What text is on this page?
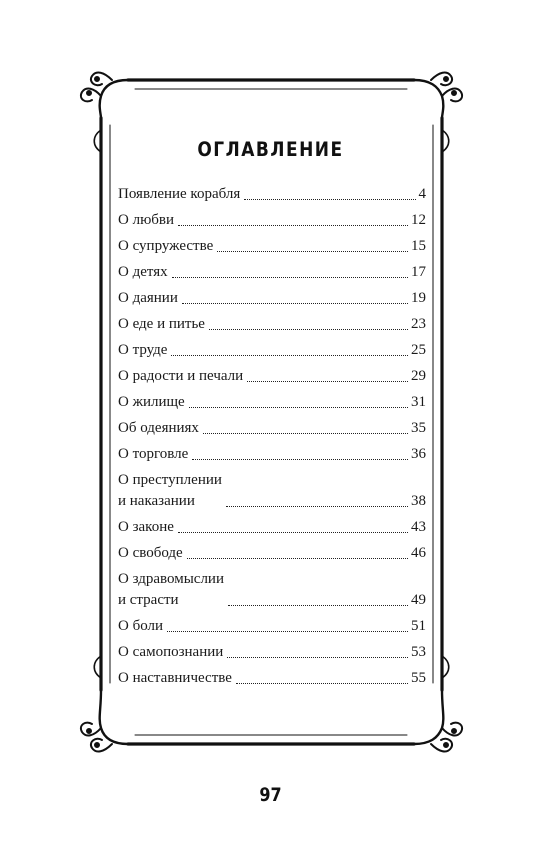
ОГЛАВЛЕНИЕ
Появление корабля	4
О любви	12
О супружестве	15
О детях	17
О даянии	19
О еде и питье	23
О труде	25
О радости и печали	29
О жилище	31
Об одеяниях	35
О торговле	36
О преступлении
и наказании	38
О законе	43
О свободе	46
О здравомыслии
и страсти	49
О боли	51
О самопознании	53
О наставничестве	55
97
